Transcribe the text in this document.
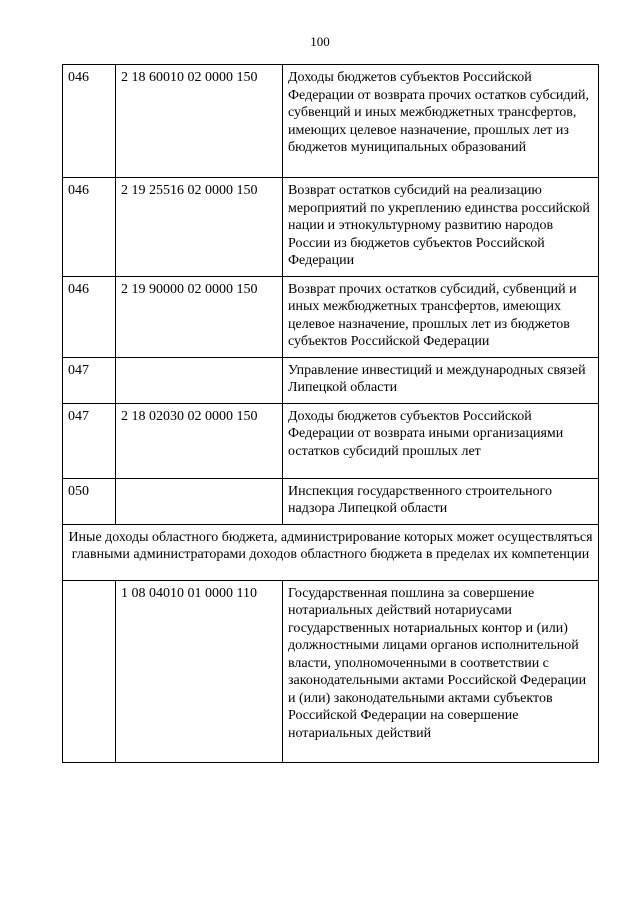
100
046	2 18 60010 02 0000 150	Доходы бюджетов субъектов Российской Федерации от возврата прочих остатков субсидий, субвенций и иных межбюджетных трансфертов, имеющих целевое назначение, прошлых лет из бюджетов муниципальных образований
046	2 19 25516 02 0000 150	Возврат остатков субсидий на реализацию мероприятий по укреплению единства российской нации и этнокультурному развитию народов России из бюджетов субъектов Российской Федерации
046	2 19 90000 02 0000 150	Возврат прочих остатков субсидий, субвенций и иных межбюджетных трансфертов, имеющих целевое назначение, прошлых лет из бюджетов субъектов Российской Федерации
047		Управление инвестиций и международных связей Липецкой области
047	2 18 02030 02 0000 150	Доходы бюджетов субъектов Российской Федерации от возврата иными организациями остатков субсидий прошлых лет
050		Инспекция государственного строительного надзора Липецкой области
Иные доходы областного бюджета, администрирование которых может осуществляться главными администраторами доходов областного бюджета в пределах их компетенции		
	1 08 04010 01 0000 110	Государственная пошлина за совершение нотариальных действий нотариусами государственных нотариальных контор и (или) должностными лицами органов исполнительной власти, уполномоченными в соответствии с законодательными актами Российской Федерации и (или) законодательными актами субъектов Российской Федерации на совершение нотариальных действий
